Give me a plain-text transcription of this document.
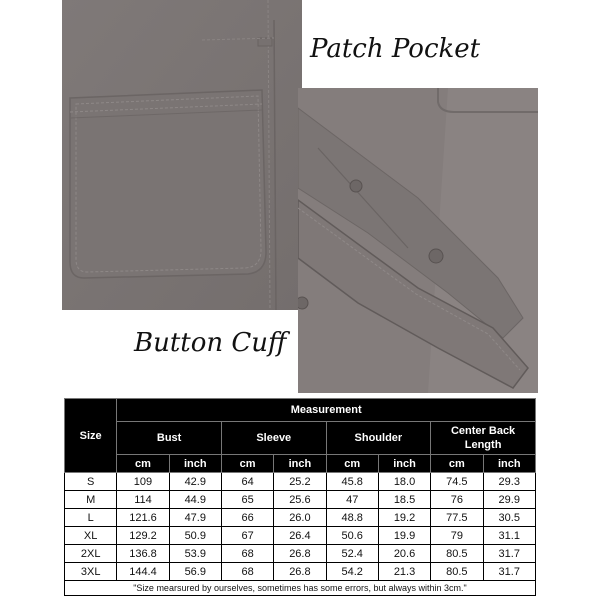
Patch Pocket
Button Cuff
Size	Measurement							
	Bust		Sleeve		Shoulder		Center Back Length	
	cm	inch	cm	inch	cm	inch	cm	inch
S	109	42.9	64	25.2	45.8	18.0	74.5	29.3
M	114	44.9	65	25.6	47	18.5	76	29.9
L	121.6	47.9	66	26.0	48.8	19.2	77.5	30.5
XL	129.2	50.9	67	26.4	50.6	19.9	79	31.1
2XL	136.8	53.9	68	26.8	52.4	20.6	80.5	31.7
3XL	144.4	56.9	68	26.8	54.2	21.3	80.5	31.7
"Size mearsured by ourselves, sometimes has some errors, but always within 3cm."								
